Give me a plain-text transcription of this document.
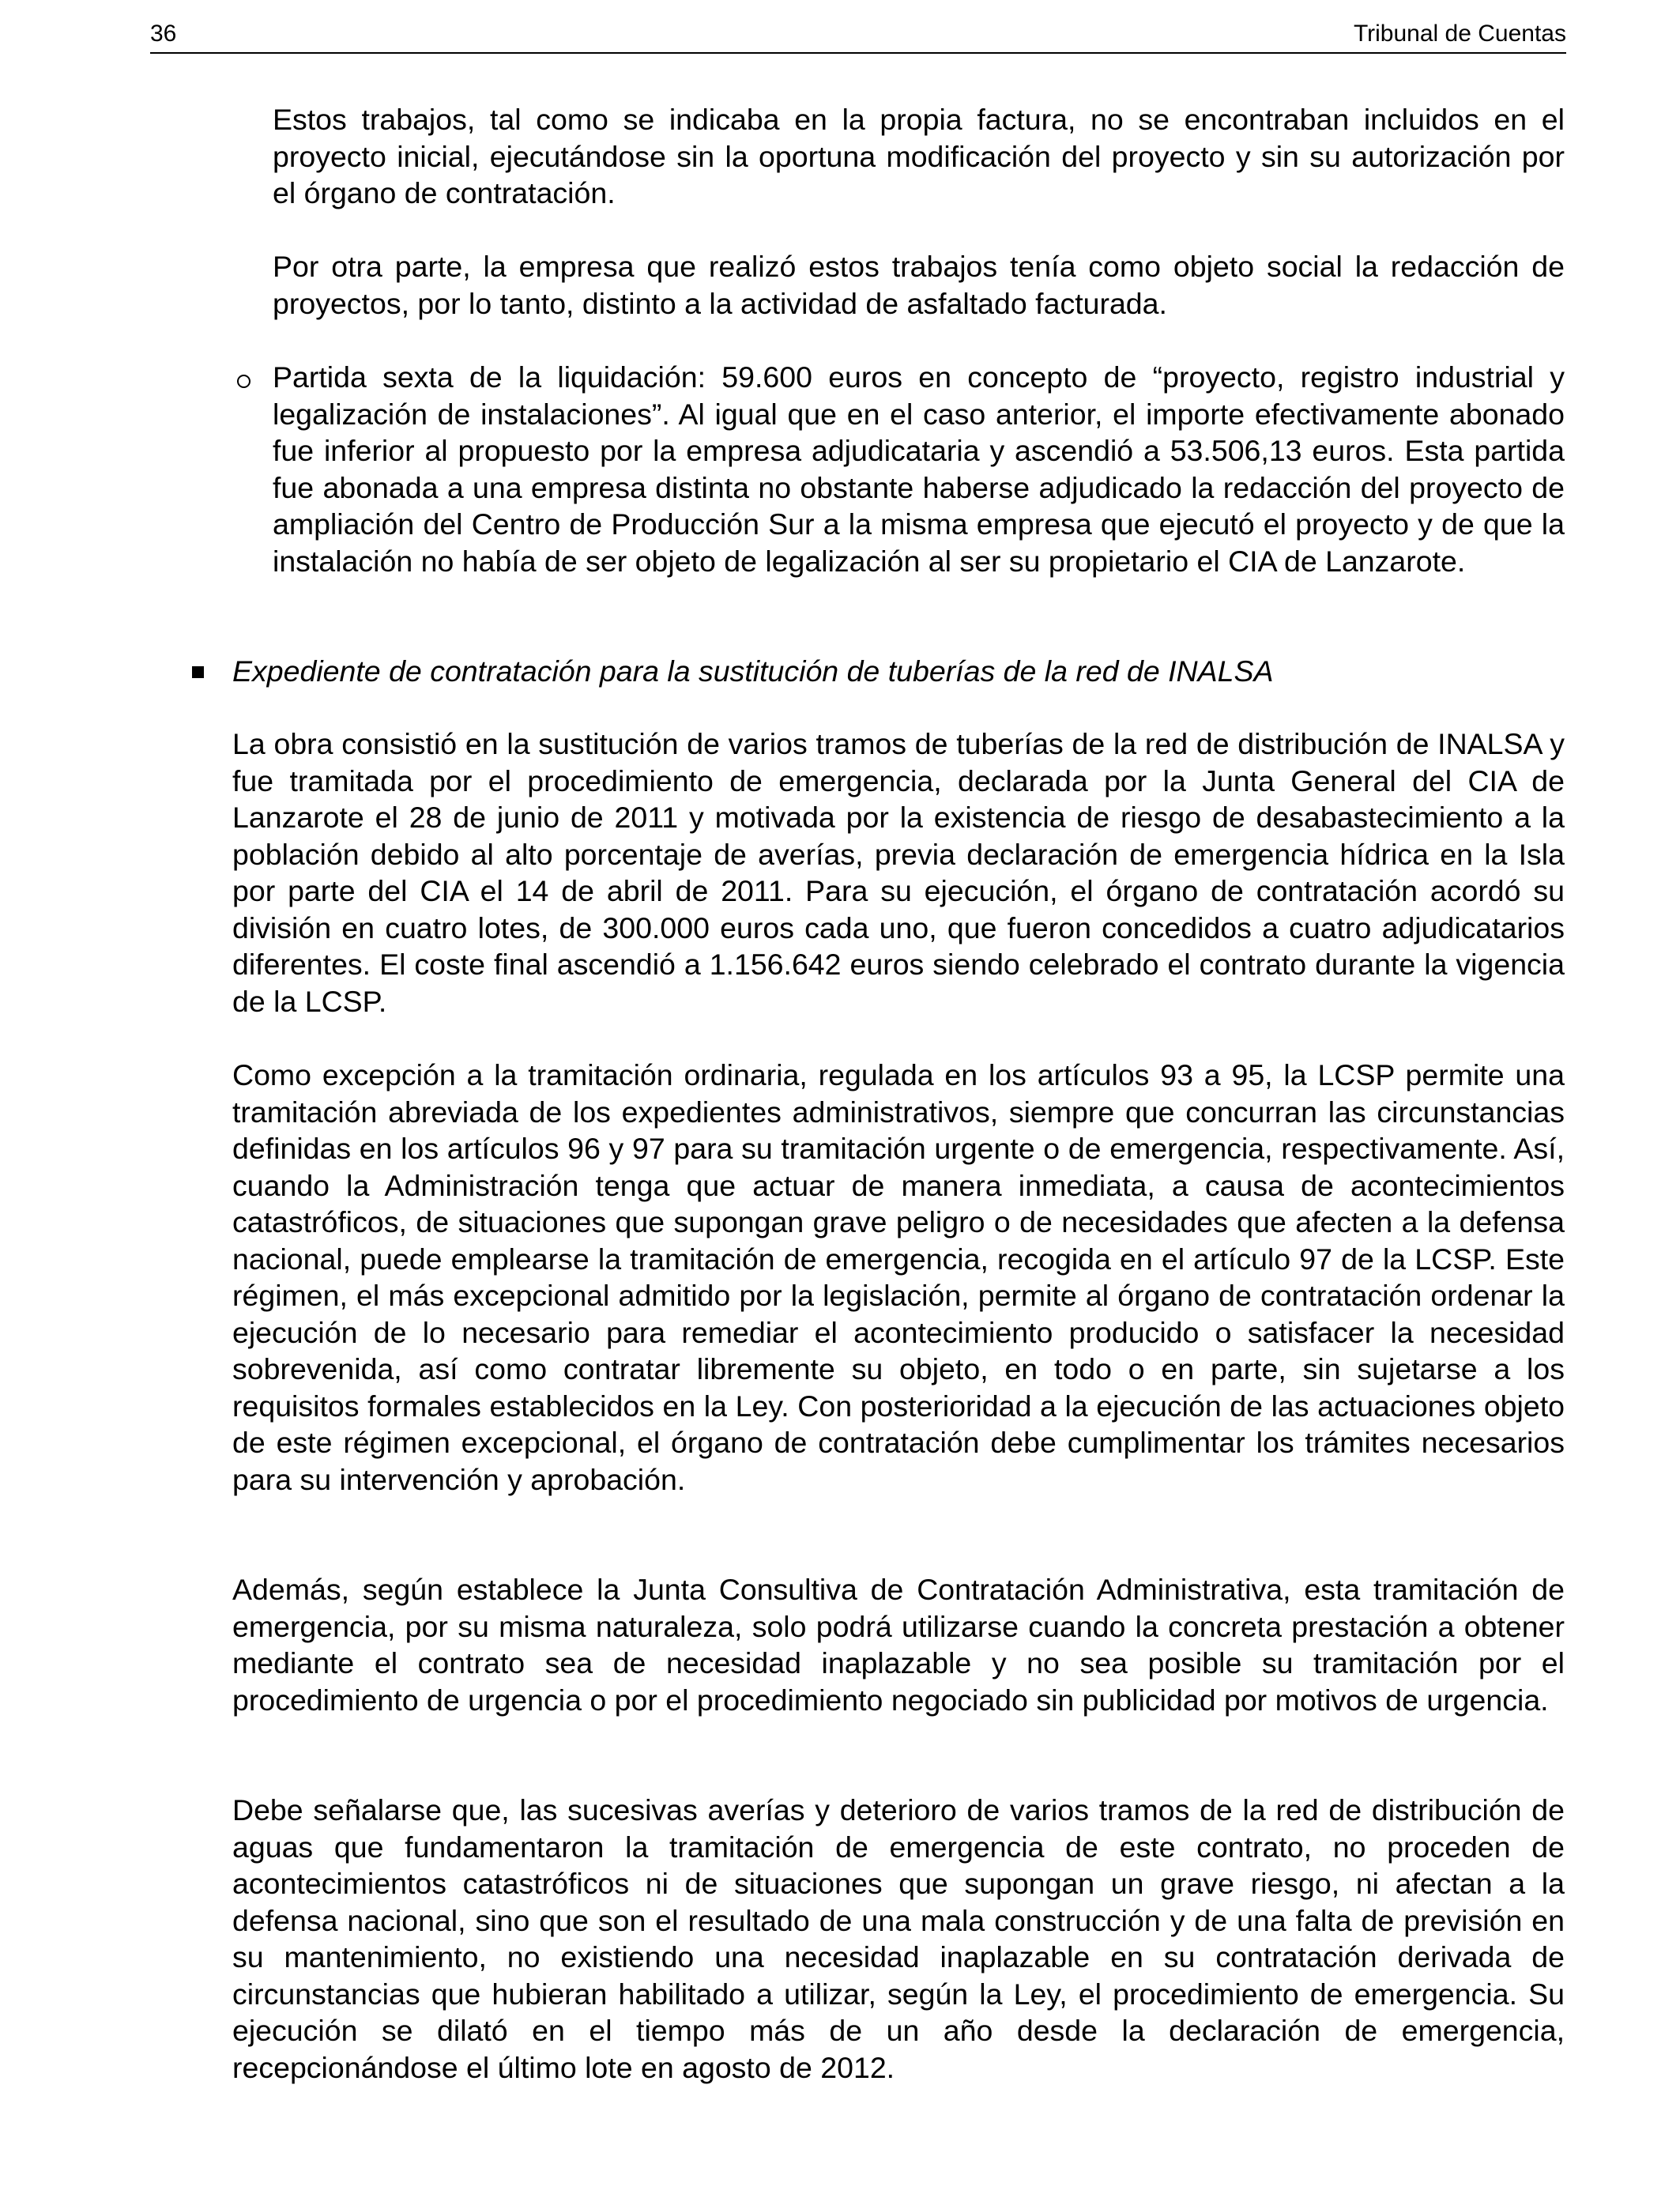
36	Tribunal de Cuentas

Estos trabajos, tal como se indicaba en la propia factura, no se encontraban incluidos en el proyecto inicial, ejecutándose sin la oportuna modificación del proyecto y sin su autorización por el órgano de contratación.

Por otra parte, la empresa que realizó estos trabajos tenía como objeto social la redacción de proyectos, por lo tanto, distinto a la actividad de asfaltado facturada.

Partida sexta de la liquidación: 59.600 euros en concepto de “proyecto, registro industrial y legalización de instalaciones”. Al igual que en el caso anterior, el importe efectivamente abonado fue inferior al propuesto por la empresa adjudicataria y ascendió a 53.506,13 euros. Esta partida fue abonada a una empresa distinta no obstante haberse adjudicado la redacción del proyecto de ampliación del Centro de Producción Sur a la misma empresa que ejecutó el proyecto y de que la instalación no había de ser objeto de legalización al ser su propietario el CIA de Lanzarote.

Expediente de contratación para la sustitución de tuberías de la red de INALSA

La obra consistió en la sustitución de varios tramos de tuberías de la red de distribución de INALSA y fue tramitada por el procedimiento de emergencia, declarada por la Junta General del CIA de Lanzarote el 28 de junio de 2011 y motivada por la existencia de riesgo de desabastecimiento a la población debido al alto porcentaje de averías, previa declaración de emergencia hídrica en la Isla por parte del CIA el 14 de abril de 2011. Para su ejecución, el órgano de contratación acordó su división en cuatro lotes, de 300.000 euros cada uno, que fueron concedidos a cuatro adjudicatarios diferentes. El coste final ascendió a 1.156.642 euros siendo celebrado el contrato durante la vigencia de la LCSP.

Como excepción a la tramitación ordinaria, regulada en los artículos 93 a 95, la LCSP permite una tramitación abreviada de los expedientes administrativos, siempre que concurran las circunstancias definidas en los artículos 96 y 97 para su tramitación urgente o de emergencia, respectivamente. Así, cuando la Administración tenga que actuar de manera inmediata, a causa de acontecimientos catastróficos, de situaciones que supongan grave peligro o de necesidades que afecten a la defensa nacional, puede emplearse la tramitación de emergencia, recogida en el artículo 97 de la LCSP. Este régimen, el más excepcional admitido por la legislación, permite al órgano de contratación ordenar la ejecución de lo necesario para remediar el acontecimiento producido o satisfacer la necesidad sobrevenida, así como contratar libremente su objeto, en todo o en parte, sin sujetarse a los requisitos formales establecidos en la Ley. Con posterioridad a la ejecución de las actuaciones objeto de este régimen excepcional, el órgano de contratación debe cumplimentar los trámites necesarios para su intervención y aprobación.

Además, según establece la Junta Consultiva de Contratación Administrativa, esta tramitación de emergencia, por su misma naturaleza, solo podrá utilizarse cuando la concreta prestación a obtener mediante el contrato sea de necesidad inaplazable y no sea posible su tramitación por el procedimiento de urgencia o por el procedimiento negociado sin publicidad por motivos de urgencia.

Debe señalarse que, las sucesivas averías y deterioro de varios tramos de la red de distribución de aguas que fundamentaron la tramitación de emergencia de este contrato, no proceden de acontecimientos catastróficos ni de situaciones que supongan un grave riesgo, ni afectan a la defensa nacional, sino que son el resultado de una mala construcción y de una falta de previsión en su mantenimiento, no existiendo una necesidad inaplazable en su contratación derivada de circunstancias que hubieran habilitado a utilizar, según la Ley, el procedimiento de emergencia. Su ejecución se dilató en el tiempo más de un año desde la declaración de emergencia, recepcionándose el último lote en agosto de 2012.
